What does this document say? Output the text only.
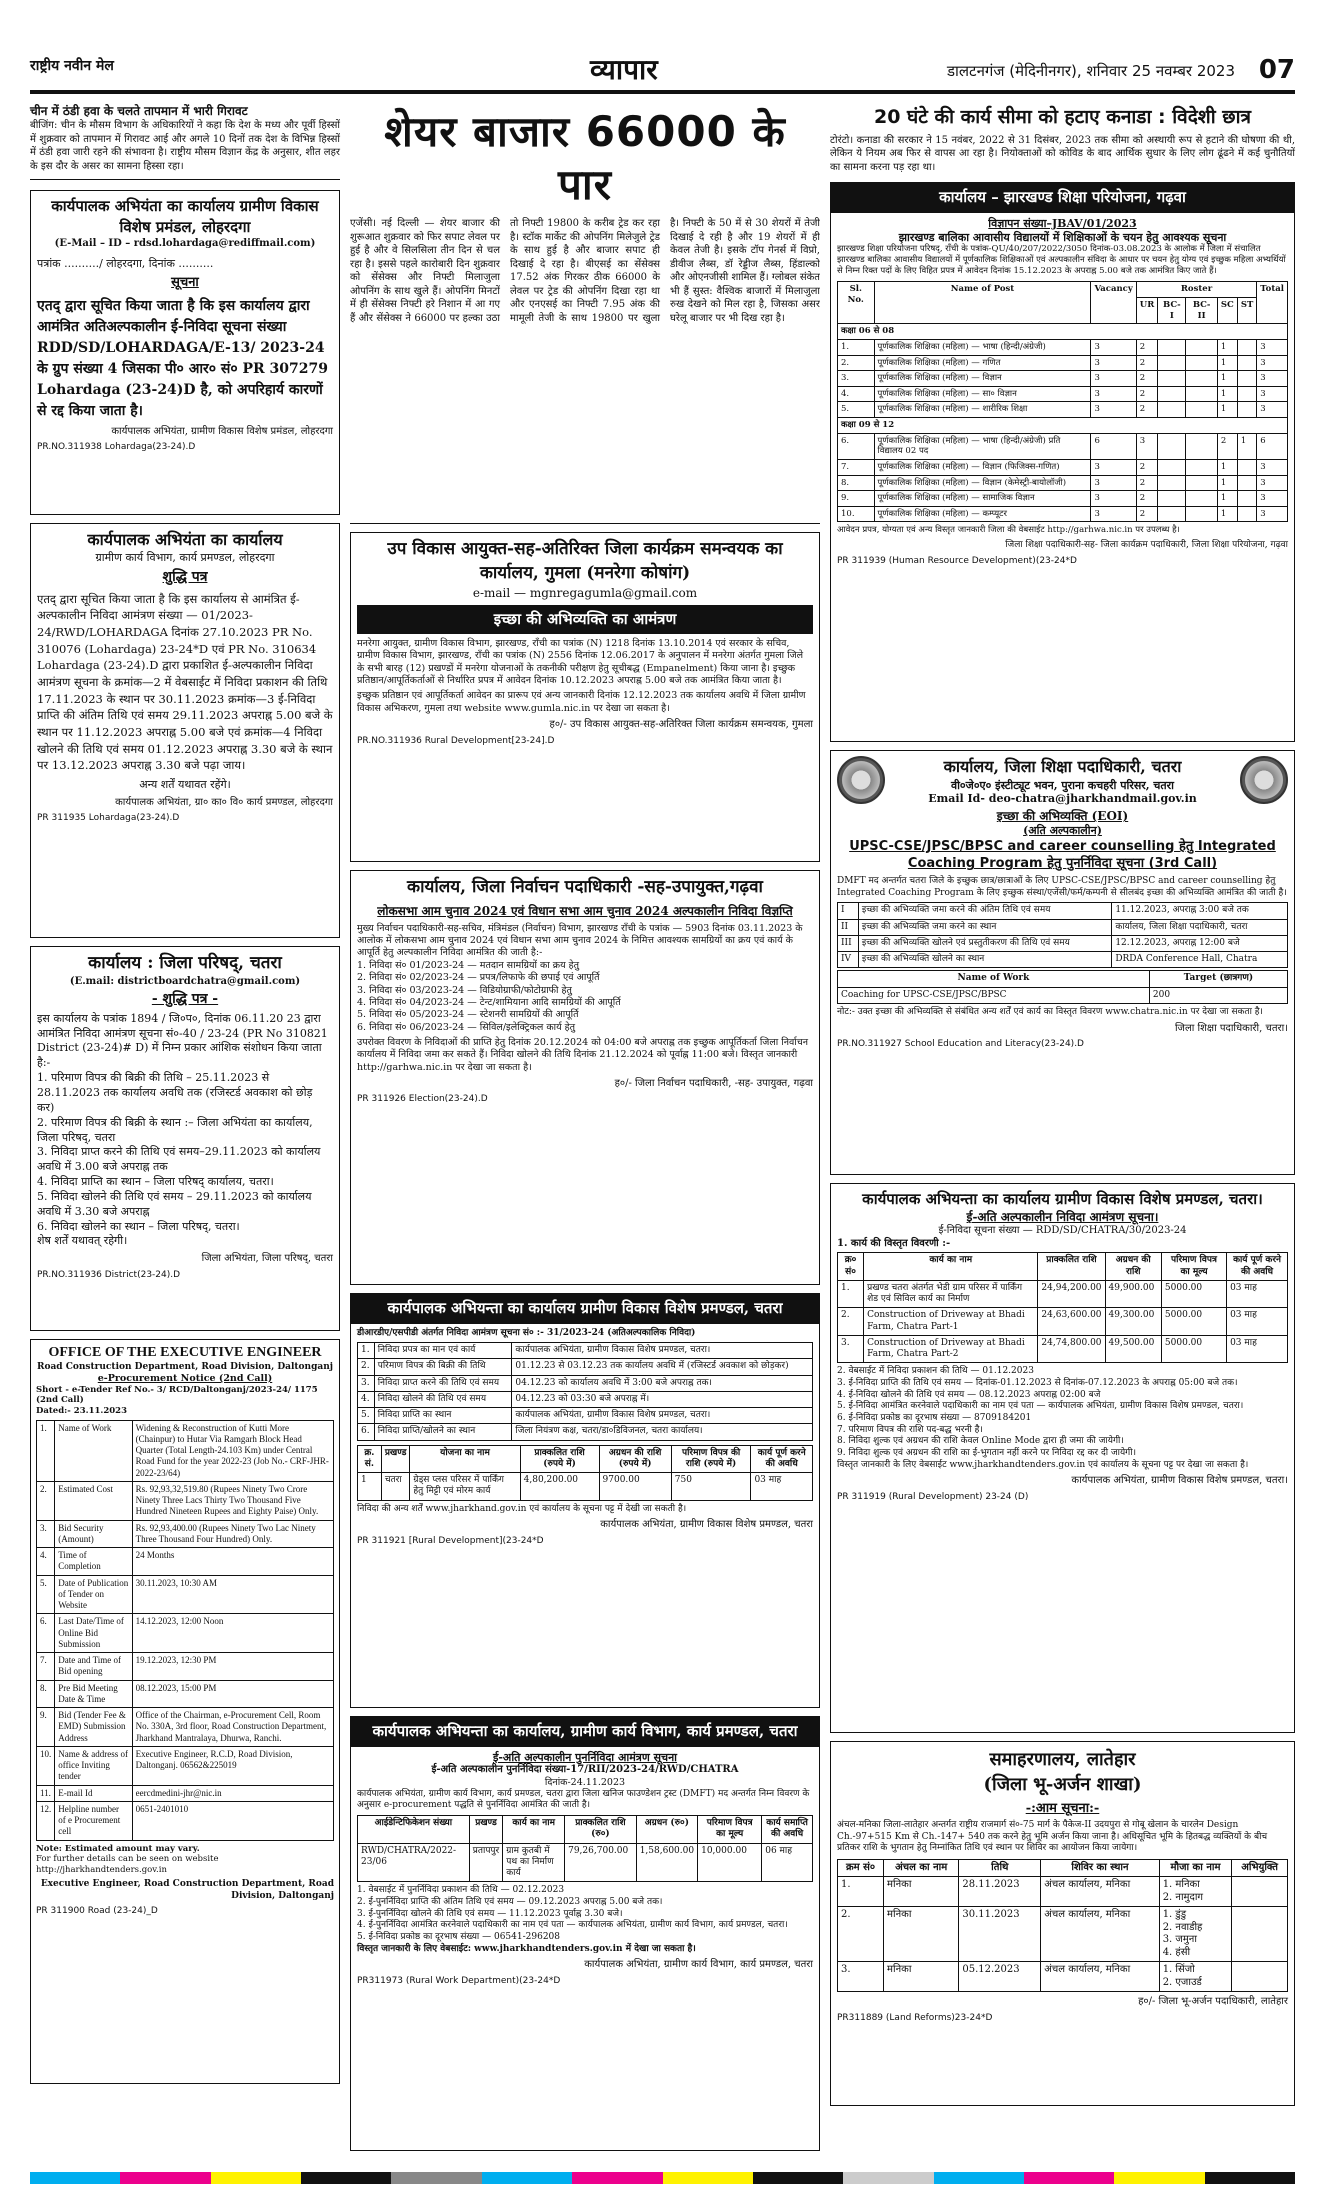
राष्ट्रीय नवीन मेल	व्यापार	डालटनगंज (मेदिनीनगर), शनिवार 25 नवम्बर 2023 07
चीन में ठंडी हवा के चलते तापमान में भारी गिरावट
बीजिंग: चीन के मौसम विभाग के अधिकारियों ने कहा कि देश के मध्य और पूर्वी हिस्सों में शुक्रवार को तापमान में गिरावट आई और अगले 10 दिनों तक देश के विभिन्न हिस्सों में ठंडी हवा जारी रहने की संभावना है। राष्ट्रीय मौसम विज्ञान केंद्र के अनुसार, शीत लहर के इस दौर के असर का सामना हिस्सा रहा।
कार्यपालक अभियंता का कार्यालय ग्रामीण विकास विशेष प्रमंडल, लोहरदगा
(E-Mail – ID – rdsd.lohardaga@rediffmail.com)
पत्रांक ........../ लोहरदगा, दिनांक ..........
सूचना
एतद् द्वारा सूचित किया जाता है कि इस कार्यालय द्वारा आमंत्रित अतिअल्पकालीन ई-निविदा सूचना संख्या RDD/SD/LOHARDAGA/E-13/ 2023-24 के ग्रुप संख्या 4 जिसका पी० आर० सं० PR 307279 Lohardaga (23-24)D है, को अपरिहार्य कारणों से रद्द किया जाता है।
कार्यपालक अभियंता, ग्रामीण विकास विशेष प्रमंडल, लोहरदगा
PR.NO.311938 Lohardaga(23-24).D
कार्यपालक अभियंता का कार्यालय
ग्रामीण कार्य विभाग, कार्य प्रमण्डल, लोहरदगा
शुद्धि पत्र
एतद् द्वारा सूचित किया जाता है कि इस कार्यालय से आमंत्रित ई-अल्पकालीन निविदा आमंत्रण संख्या — 01/2023-24/RWD/LOHARDAGA दिनांक 27.10.2023 PR No. 310076 (Lohardaga) 23-24*D एवं PR No. 310634 Lohardaga (23-24).D द्वारा प्रकाशित ई-अल्पकालीन निविदा आमंत्रण सूचना के क्रमांक—2 में वेबसाईट में निविदा प्रकाशन की तिथि 17.11.2023 के स्थान पर 30.11.2023 क्रमांक—3 ई-निविदा प्राप्ति की अंतिम तिथि एवं समय 29.11.2023 अपराह्न 5.00 बजे के स्थान पर 11.12.2023 अपराह्न 5.00 बजे एवं क्रमांक—4 निविदा खोलने की तिथि एवं समय 01.12.2023 अपराह्न 3.30 बजे के स्थान पर 13.12.2023 अपराह्न 3.30 बजे पढ़ा जाय।
अन्य शर्तें यथावत रहेंगे।
कार्यपालक अभियंता, ग्रा० का० वि० कार्य प्रमण्डल, लोहरदगा
PR 311935 Lohardaga(23-24).D
कार्यालय : जिला परिषद्, चतरा
(E.mail: districtboardchatra@gmail.com)
- शुद्धि पत्र -
इस कार्यालय के पत्रांक 1894 / जि०प०, दिनांक 06.11.20 23 द्वारा आमंत्रित निविदा आमंत्रण सूचना सं०-40 / 23-24 (PR No 310821 District (23-24)# D) में निम्न प्रकार आंशिक संशोधन किया जाता है:-
1. परिमाण विपत्र की बिक्री की तिथि – 25.11.2023 से 28.11.2023 तक कार्यालय अवधि तक (रजिस्टर्ड अवकाश को छोड़ कर)
2. परिमाण विपत्र की बिक्री के स्थान :– जिला अभियंता का कार्यालय, जिला परिषद्, चतरा
3. निविदा प्राप्त करने की तिथि एवं समय–29.11.2023 को कार्यालय अवधि में 3.00 बजे अपराह्न तक
4. निविदा प्राप्ति का स्थान – जिला परिषद् कार्यालय, चतरा।
5. निविदा खोलने की तिथि एवं समय – 29.11.2023 को कार्यालय अवधि में 3.30 बजे अपराह्न
6. निविदा खोलने का स्थान – जिला परिषद्, चतरा।
शेष शर्तें यथावत् रहेगी।
जिला अभियंता, जिला परिषद्, चतरा
PR.NO.311936 District(23-24).D
OFFICE OF THE EXECUTIVE ENGINEER
Road Construction Department, Road Division, Daltonganj
e-Procurement Notice (2nd Call)
Short - e-Tender Ref No.- 3/ RCD/Daltonganj/2023-24/ 1175 (2nd Call)
Dated:- 23.11.2023
1.	Name of Work	Widening & Reconstruction of Kutti More (Chainpur) to Hutar Via Ramgarh Block Head Quarter (Total Length-24.103 Km) under Central Road Fund for the year 2022-23 (Job No.- CRF-JHR-2022-23/64)
2.	Estimated Cost	Rs. 92,93,32,519.80 (Rupees Ninety Two Crore Ninety Three Lacs Thirty Two Thousand Five Hundred Nineteen Rupees and Eighty Paise) Only.
3.	Bid Security (Amount)	Rs. 92,93,400.00 (Rupees Ninety Two Lac Ninety Three Thousand Four Hundred) Only.
4.	Time of Completion	24 Months
5.	Date of Publication of Tender on Website	30.11.2023, 10:30 AM
6.	Last Date/Time of Online Bid Submission	14.12.2023, 12:00 Noon
7.	Date and Time of Bid opening	19.12.2023, 12:30 PM
8.	Pre Bid Meeting Date & Time	08.12.2023, 15:00 PM
9.	Bid (Tender Fee & EMD) Submission Address	Office of the Chairman, e-Procurement Cell, Room No. 330A, 3rd floor, Road Construction Department, Jharkhand Mantralaya, Dhurwa, Ranchi.
10.	Name & address of office Inviting tender	Executive Engineer, R.C.D, Road Division, Daltonganj. 06562&225019
11.	E-mail Id	eercdmedini-jhr@nic.in
12.	Helpline number of e Procurement cell	0651-2401010
Note: Estimated amount may vary.
For further details can be seen on website http://jharkhandtenders.gov.in
Executive Engineer, Road Construction Department, Road Division, Daltonganj
PR 311900 Road (23-24)_D
शेयर बाजार 66000 के पार
एजेंसी। नई दिल्ली — शेयर बाजार की शुरूआत शुक्रवार को फिर सपाट लेवल पर हुई है और वे सिलसिला तीन दिन से चल रहा है। इससे पहले कारोबारी दिन शुक्रवार को सेंसेक्स और निफ्टी मिलाजुला ओपनिंग के साथ खुले हैं। ओपनिंग मिनटों में ही सेंसेक्स निफ्टी हरे निशान में आ गए हैं और सेंसेक्स ने 66000 पर हल्का उठा तो निफ्टी 19800 के करीब ट्रेड कर रहा है। स्टॉक मार्केट की ओपनिंग मिलेजुले ट्रेड के साथ हुई है और बाजार सपाट ही दिखाई दे रहा है। बीएसई का सेंसेक्स 17.52 अंक गिरकर ठीक 66000 के लेवल पर ट्रेड की ओपनिंग दिखा रहा था और एनएसई का निफ्टी 7.95 अंक की मामूली तेजी के साथ 19800 पर खुला है। निफ्टी के 50 में से 30 शेयरों में तेजी दिखाई दे रही है और 19 शेयरों में ही केवल तेजी है। इसके टॉप गेनर्स में विप्रो, डीवीज लैब्स, डॉ रेड्डीज लैब्स, हिंडाल्को और ओएनजीसी शामिल हैं। ग्लोबल संकेत भी हैं सुस्त: वैश्विक बाजारों में मिलाजुला रुख देखने को मिल रहा है, जिसका असर घरेलू बाजार पर भी दिख रहा है।
उप विकास आयुक्त-सह-अतिरिक्त जिला कार्यक्रम समन्वयक का कार्यालय, गुमला (मनरेगा कोषांग)
e-mail — mgnregagumla@gmail.com
इच्छा की अभिव्यक्ति का आमंत्रण
मनरेगा आयुक्त, ग्रामीण विकास विभाग, झारखण्ड, राँची का पत्रांक (N) 1218 दिनांक 13.10.2014 एवं सरकार के सचिव, ग्रामीण विकास विभाग, झारखण्ड, राँची का पत्रांक (N) 2556 दिनांक 12.06.2017 के अनुपालन में मनरेगा अंतर्गत गुमला जिले के सभी बारह (12) प्रखण्डों में मनरेगा योजनाओं के तकनीकी परीक्षण हेतु सूचीबद्ध (Empanelment) किया जाना है। इच्छुक प्रतिष्ठान/आपूर्तिकर्ताओं से निर्धारित प्रपत्र में आवेदन दिनांक 10.12.2023 अपराह्न 5.00 बजे तक आमंत्रित किया जाता है।
इच्छुक प्रतिष्ठान एवं आपूर्तिकर्ता आवेदन का प्रारूप एवं अन्य जानकारी दिनांक 12.12.2023 तक कार्यालय अवधि में जिला ग्रामीण विकास अभिकरण, गुमला तथा website www.gumla.nic.in पर देखा जा सकता है।
ह०/- उप विकास आयुक्त-सह-अतिरिक्त जिला कार्यक्रम समन्वयक, गुमला
PR.NO.311936 Rural Development[23-24].D
कार्यालय, जिला निर्वाचन पदाधिकारी -सह-उपायुक्त,गढ़वा
लोकसभा आम चुनाव 2024 एवं विधान सभा आम चुनाव 2024 अल्पकालीन निविदा विज्ञप्ति
मुख्य निर्वाचन पदाधिकारी-सह-सचिव, मंत्रिमंडल (निर्वाचन) विभाग, झारखण्ड राँची के पत्रांक — 5903 दिनांक 03.11.2023 के आलोक में लोकसभा आम चुनाव 2024 एवं विधान सभा आम चुनाव 2024 के निमित्त आवश्यक सामग्रियों का क्रय एवं कार्य के आपूर्ति हेतु अल्पकालीन निविदा आमंत्रित की जाती है:-
1. निविदा सं० 01/2023-24 — मतदान सामग्रियों का क्रय हेतु
2. निविदा सं० 02/2023-24 — प्रपत्र/लिफाफे की छपाई एवं आपूर्ति
3. निविदा सं० 03/2023-24 — विडियोग्राफी/फोटोग्राफी हेतु
4. निविदा सं० 04/2023-24 — टेन्ट/शामियाना आदि सामग्रियों की आपूर्ति
5. निविदा सं० 05/2023-24 — स्टेशनरी सामग्रियों की आपूर्ति
6. निविदा सं० 06/2023-24 — सिविल/इलेक्ट्रिकल कार्य हेतु
उपरोक्त विवरण के निविदाओं की प्राप्ति हेतु दिनांक 20.12.2024 को 04:00 बजे अपराह्न तक इच्छुक आपूर्तिकर्ता जिला निर्वाचन कार्यालय में निविदा जमा कर सकते हैं। निविदा खोलने की तिथि दिनांक 21.12.2024 को पूर्वाह्न 11:00 बजे। विस्तृत जानकारी http://garhwa.nic.in पर देखा जा सकता है।
ह०/- जिला निर्वाचन पदाधिकारी, -सह- उपायुक्त, गढ़वा
PR 311926 Election(23-24).D
कार्यपालक अभियन्ता का कार्यालय ग्रामीण विकास विशेष प्रमण्डल, चतरा
डीआरडीए/एसपीडी अंतर्गत निविदा आमंत्रण सूचना सं० :- 31/2023-24 (अतिअल्पकालिक निविदा)
1.	निविदा प्रपत्र का मान एवं कार्य	कार्यपालक अभियंता, ग्रामीण विकास विशेष प्रमण्डल, चतरा।
2.	परिमाण विपत्र की बिक्री की तिथि	01.12.23 से 03.12.23 तक कार्यालय अवधि में (रजिस्टर्ड अवकाश को छोड़कर)
3.	निविदा प्राप्त करने की तिथि एवं समय	04.12.23 को कार्यालय अवधि में 3:00 बजे अपराह्न तक।
4.	निविदा खोलने की तिथि एवं समय	04.12.23 को 03:30 बजे अपराह्न में।
5.	निविदा प्राप्ति का स्थान	कार्यपालक अभियंता, ग्रामीण विकास विशेष प्रमण्डल, चतरा।
6.	निविदा प्राप्ति/खोलने का स्थान	जिला नियंत्रण कक्ष, चतरा/डा०डिविजनल, चतरा कार्यालय।
क्र. सं.	प्रखण्ड	योजना का नाम	प्राक्कलित राशि (रुपये में)	अग्रधन की राशि (रुपये में)	परिमाण विपत्र की राशि (रुपये में)	कार्य पूर्ण करने की अवधि
1	चतरा	ग्रेड्स प्लस परिसर में पार्किंग हेतु मिट्टी एवं मोरम कार्य	4,80,200.00	9700.00	750	03 माह
निविदा की अन्य शर्तें www.jharkhand.gov.in एवं कार्यालय के सूचना पट्ट में देखी जा सकती है।
कार्यपालक अभियंता, ग्रामीण विकास विशेष प्रमण्डल, चतरा
PR 311921 [Rural Development](23-24*D
कार्यपालक अभियन्ता का कार्यालय, ग्रामीण कार्य विभाग, कार्य प्रमण्डल, चतरा
ई-अति अल्पकालीन पुनर्निविदा आमंत्रण सूचना
ई-अति अल्पकालीन पुनर्निविदा संख्या-17/RII/2023-24/RWD/CHATRA
दिनांक-24.11.2023
कार्यपालक अभियंता, ग्रामीण कार्य विभाग, कार्य प्रमण्डल, चतरा द्वारा जिला खनिज फाउण्डेशन ट्रस्ट (DMFT) मद अन्तर्गत निम्न विवरण के अनुसार e-procurement पद्धति से पुनर्निविदा आमंत्रित की जाती है।
आईडेन्टिफिकेशन संख्या	प्रखण्ड	कार्य का नाम	प्राक्कलित राशि (रु०)	अग्रधन (रु०)	परिमाण विपत्र का मूल्य	कार्य समाप्ति की अवधि
RWD/CHATRA/2022-23/06	प्रतापपुर	ग्राम कुतबी में पथ का निर्माण कार्य	79,26,700.00	1,58,600.00	10,000.00	06 माह
1. वेबसाईट में पुनर्निविदा प्रकाशन की तिथि — 02.12.2023
2. ई-पुनर्निविदा प्राप्ति की अंतिम तिथि एवं समय — 09.12.2023 अपराह्न 5.00 बजे तक।
3. ई-पुनर्निविदा खोलने की तिथि एवं समय — 11.12.2023 पूर्वाह्न 3.30 बजे।
4. ई-पुनर्निविदा आमंत्रित करनेवाले पदाधिकारी का नाम एवं पता — कार्यपालक अभियंता, ग्रामीण कार्य विभाग, कार्य प्रमण्डल, चतरा।
5. ई-निविदा प्रकोष्ठ का दूरभाष संख्या — 06541-296208
विस्तृत जानकारी के लिए वेबसाईट: www.jharkhandtenders.gov.in में देखा जा सकता है।
कार्यपालक अभियंता, ग्रामीण कार्य विभाग, कार्य प्रमण्डल, चतरा
PR311973 (Rural Work Department)(23-24*D
20 घंटे की कार्य सीमा को हटाए कनाडा : विदेशी छात्र
टोरंटो। कनाडा की सरकार ने 15 नवंबर, 2022 से 31 दिसंबर, 2023 तक सीमा को अस्थायी रूप से हटाने की घोषणा की थी, लेकिन ये नियम अब फिर से वापस आ रहा है। नियोक्ताओं को कोविड के बाद आर्थिक सुधार के लिए लोग ढूंढने में कई चुनौतियों का सामना करना पड़ रहा था।
कार्यालय – झारखण्ड शिक्षा परियोजना, गढ़वा
विज्ञापन संख्या–JBAV/01/2023
झारखण्ड बालिका आवासीय विद्यालयों में शिक्षिकाओं के चयन हेतु आवश्यक सूचना
झारखण्ड शिक्षा परियोजना परिषद्, राँची के पत्रांक-QU/40/207/2022/3050 दिनांक-03.08.2023 के आलोक में जिला में संचालित झारखण्ड बालिका आवासीय विद्यालयों में पूर्णकालिक शिक्षिकाओं एवं अल्पकालीन संविदा के आधार पर चयन हेतु योग्य एवं इच्छुक महिला अभ्यर्थियों से निम्न रिक्त पदों के लिए विहित प्रपत्र में आवेदन दिनांक 15.12.2023 के अपराह्न 5.00 बजे तक आमंत्रित किए जाते हैं।
Sl. No.	Name of Post	Vacancy	Roster					Total
			UR	BC-I	BC-II	SC	ST	
कक्षा 06 से 08								
1.	पूर्णकालिक शिक्षिका (महिला) — भाषा (हिन्दी/अंग्रेजी)	3	2			1		3
2.	पूर्णकालिक शिक्षिका (महिला) — गणित	3	2			1		3
3.	पूर्णकालिक शिक्षिका (महिला) — विज्ञान	3	2			1		3
4.	पूर्णकालिक शिक्षिका (महिला) — सा० विज्ञान	3	2			1		3
5.	पूर्णकालिक शिक्षिका (महिला) — शारीरिक शिक्षा	3	2			1		3
कक्षा 09 से 12								
6.	पूर्णकालिक शिक्षिका (महिला) — भाषा (हिन्दी/अंग्रेजी) प्रति विद्यालय 02 पद	6	3			2	1	6
7.	पूर्णकालिक शिक्षिका (महिला) — विज्ञान (फिजिक्स-गणित)	3	2			1		3
8.	पूर्णकालिक शिक्षिका (महिला) — विज्ञान (केमेस्ट्री-बायोलॉजी)	3	2			1		3
9.	पूर्णकालिक शिक्षिका (महिला) — सामाजिक विज्ञान	3	2			1		3
10.	पूर्णकालिक शिक्षिका (महिला) — कम्प्यूटर	3	2			1		3
आवेदन प्रपत्र, योग्यता एवं अन्य विस्तृत जानकारी जिला की वेबसाईट http://garhwa.nic.in पर उपलब्ध है।
जिला शिक्षा पदाधिकारी-सह- जिला कार्यक्रम पदाधिकारी, जिला शिक्षा परियोजना, गढ़वा
PR 311939 (Human Resource Development)(23-24*D
कार्यालय, जिला शिक्षा पदाधिकारी, चतरा
वी०जे०ए० इंस्टीट्यूट भवन, पुराना कचहरी परिसर, चतरा
Email Id- deo-chatra@jharkhandmail.gov.in
इच्छा की अभिव्यक्ति (EOI)
(अति अल्पकालीन)
UPSC-CSE/JPSC/BPSC and career counselling हेतु Integrated Coaching Program हेतु पुनर्निविदा सूचना (3rd Call)
DMFT मद अन्तर्गत चतरा जिले के इच्छुक छात्र/छात्राओं के लिए UPSC-CSE/JPSC/BPSC and career counselling हेतु Integrated Coaching Program के लिए इच्छुक संस्था/एजेंसी/फर्म/कम्पनी से सीलबंद इच्छा की अभिव्यक्ति आमंत्रित की जाती है।
I	इच्छा की अभिव्यक्ति जमा करने की अंतिम तिथि एवं समय	11.12.2023, अपराह्न 3:00 बजे तक
II	इच्छा की अभिव्यक्ति जमा करने का स्थान	कार्यालय, जिला शिक्षा पदाधिकारी, चतरा
III	इच्छा की अभिव्यक्ति खोलने एवं प्रस्तुतीकरण की तिथि एवं समय	12.12.2023, अपराह्न 12:00 बजे
IV	इच्छा की अभिव्यक्ति खोलने का स्थान	DRDA Conference Hall, Chatra
Name of Work	Target (छात्रगण)
Coaching for UPSC-CSE/JPSC/BPSC	200
नोट:- उक्त इच्छा की अभिव्यक्ति से संबंधित अन्य शर्तें एवं कार्य का विस्तृत विवरण www.chatra.nic.in पर देखा जा सकता है।
जिला शिक्षा पदाधिकारी, चतरा।
PR.NO.311927 School Education and Literacy(23-24).D
कार्यपालक अभियन्ता का कार्यालय ग्रामीण विकास विशेष प्रमण्डल, चतरा।
ई-अति अल्पकालीन निविदा आमंत्रण सूचना।
ई-निविदा सूचना संख्या — RDD/SD/CHATRA/30/2023-24
1. कार्य की विस्तृत विवरणी :-
क्र० सं०	कार्य का नाम	प्राक्कलित राशि	अग्रधन की राशि	परिमाण विपत्र का मूल्य	कार्य पूर्ण करने की अवधि
1.	प्रखण्ड चतरा अंतर्गत भेडी ग्राम परिसर में पार्किंग शेड एवं सिविल कार्य का निर्माण	24,94,200.00	49,900.00	5000.00	03 माह
2.	Construction of Driveway at Bhadi Farm, Chatra Part-1	24,63,600.00	49,300.00	5000.00	03 माह
3.	Construction of Driveway at Bhadi Farm, Chatra Part-2	24,74,800.00	49,500.00	5000.00	03 माह
2. वेबसाईट में निविदा प्रकाशन की तिथि — 01.12.2023
3. ई-निविदा प्राप्ति की तिथि एवं समय — दिनांक-01.12.2023 से दिनांक-07.12.2023 के अपराह्न 05:00 बजे तक।
4. ई-निविदा खोलने की तिथि एवं समय — 08.12.2023 अपराह्न 02:00 बजे
5. ई-निविदा आमंत्रित करनेवाले पदाधिकारी का नाम एवं पता — कार्यपालक अभियंता, ग्रामीण विकास विशेष प्रमण्डल, चतरा।
6. ई-निविदा प्रकोष्ठ का दूरभाष संख्या — 8709184201
7. परिमाण विपत्र की राशि पद-बद्ध भरनी है।
8. निविदा शुल्क एवं अग्रधन की राशि केवल Online Mode द्वारा ही जमा की जायेगी।
9. निविदा शुल्क एवं अग्रधन की राशि का ई-भुगतान नहीं करने पर निविदा रद्द कर दी जायेगी।
विस्तृत जानकारी के लिए वेबसाईट www.jharkhandtenders.gov.in एवं कार्यालय के सूचना पट्ट पर देखा जा सकता है।
कार्यपालक अभियंता, ग्रामीण विकास विशेष प्रमण्डल, चतरा।
PR 311919 (Rural Development) 23-24 (D)
समाहरणालय, लातेहार
(जिला भू-अर्जन शाखा)
-:आम सूचना:-
अंचल-मनिका जिला-लातेहार अन्तर्गत राष्ट्रीय राजमार्ग सं०-75 मार्ग के पैकेज-II उदयपुरा से गोबू खेलान के चारलेन Design Ch.-97+515 Km से Ch.-147+ 540 तक करने हेतु भूमि अर्जन किया जाना है। अधिसूचित भूमि के हितबद्ध व्यक्तियों के बीच प्रतिकर राशि के भुगतान हेतु निम्नांकित तिथि एवं स्थान पर शिविर का आयोजन किया जायेगा।
क्रम सं०	अंचल का नाम	तिथि	शिविर का स्थान	मौजा का नाम	अभियुक्ति
1.	मनिका	28.11.2023	अंचल कार्यालय, मनिका	1. मनिका
2. नामुदाग	
2.	मनिका	30.11.2023	अंचल कार्यालय, मनिका	1. डुंडु
2. नवाडीह
3. जमुना
4. हंसी	
3.	मनिका	05.12.2023	अंचल कार्यालय, मनिका	1. सिंजो
2. एजाउर्ड	
ह०/- जिला भू-अर्जन पदाधिकारी, लातेहार
PR311889 (Land Reforms)23-24*D
